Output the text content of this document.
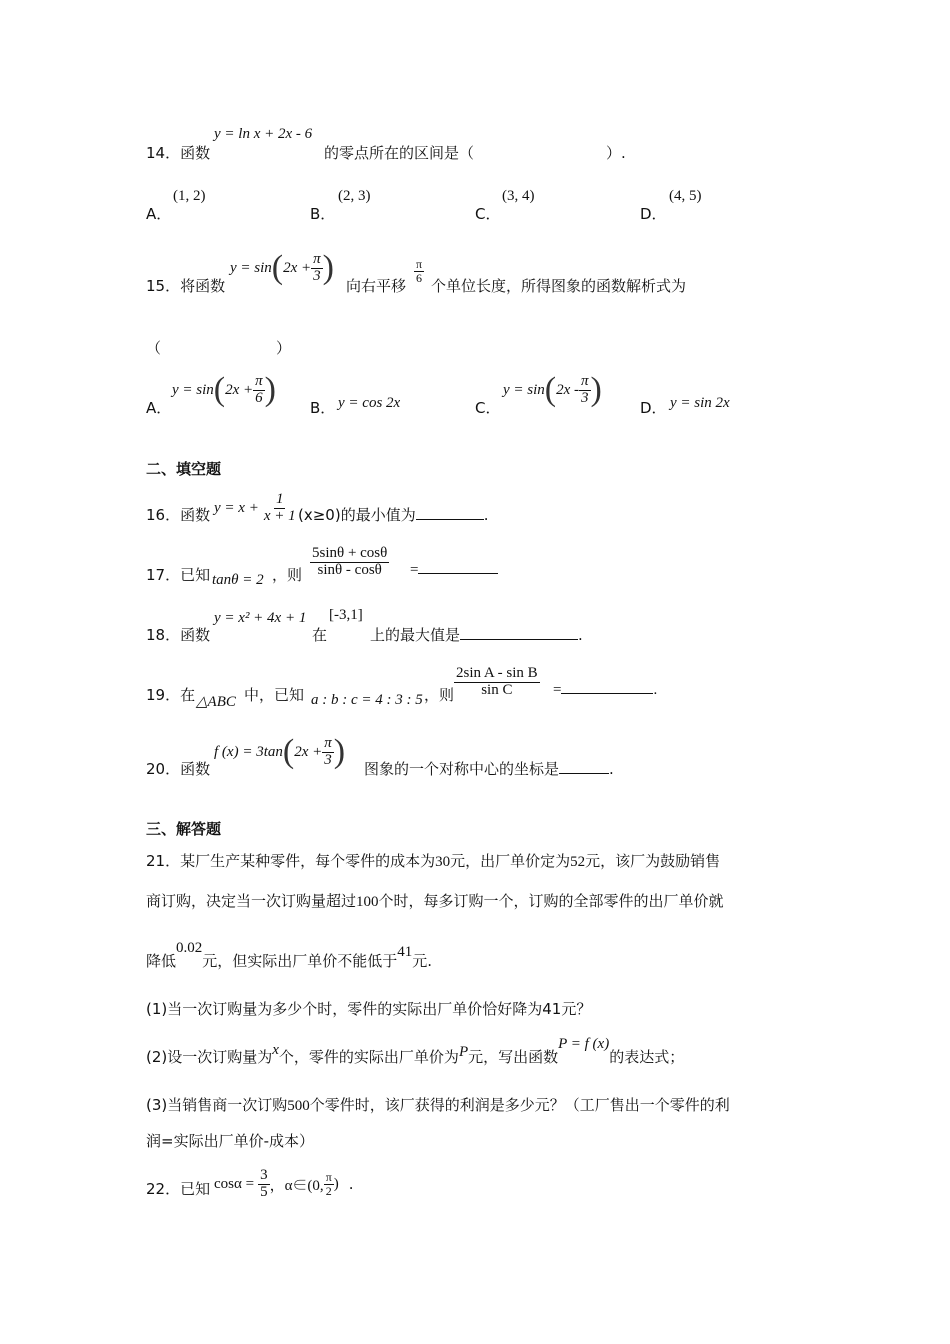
14．函数
y = ln x + 2x - 6
的零点所在的区间是（	）.
A．
(1, 2)
B．
(2, 3)
C．
(3, 4)
D．
(4, 5)
15．将函数
y = sin ( $2x + \frac{\pi}{3}$ ) 向右平移
$\frac{\pi}{6}$
个单位长度，所得图象的函数解析式为
（	）
A．
y = sin ( $2x + \frac{\pi}{6}$ ) B． y = cos 2x	C．
y = sin ( $2x - \frac{\pi}{3}$ )	D． y = sin 2x
二、填空题
16．函数 $y = x + \frac{1}{x + 1} (x\ge 0)$的最小值为	.
17．已知 tanθ = 2 ，则 $\frac{5\sin\theta + \cos\theta}{\sin\theta - \cos\theta}$ =
18．函数
y = x² + 4x + 1
在
[-3,1]
上的最大值是	.
19．在 △ABC 中，已知 a : b : c = 4 : 3 : 5 ，则 $\frac{\text{2sin A - sin B}}{\text{sin C}}$ =	.
20．函数
f (x) = 3tan ( $2x + \frac{\pi}{3}$ ) 图象的一个对称中心的坐标是	.
三、解答题
21．某厂生产某种零件，每个零件的成本为30元，出厂单价定为52元，该厂为鼓励销售
商订购，决定当一次订购量超过100个时，每多订购一个，订购的全部零件的出厂单价就
降低0.02元，但实际出厂单价不能低于41元.
(1)当一次订购量为多少个时，零件的实际出厂单价恰好降为41元？
(2)设一次订购量为x个，零件的实际出厂单价为P元，写出函数P = f (x)的表达式；
(3)当销售商一次订购500个零件时，该厂获得的利润是多少元？（工厂售出一个零件的利
润=实际出厂单价-成本）
22．已知 $\cos\alpha = \frac{3}{5}$ ，α∈(0, $\frac{\pi}{2}$ ) .
